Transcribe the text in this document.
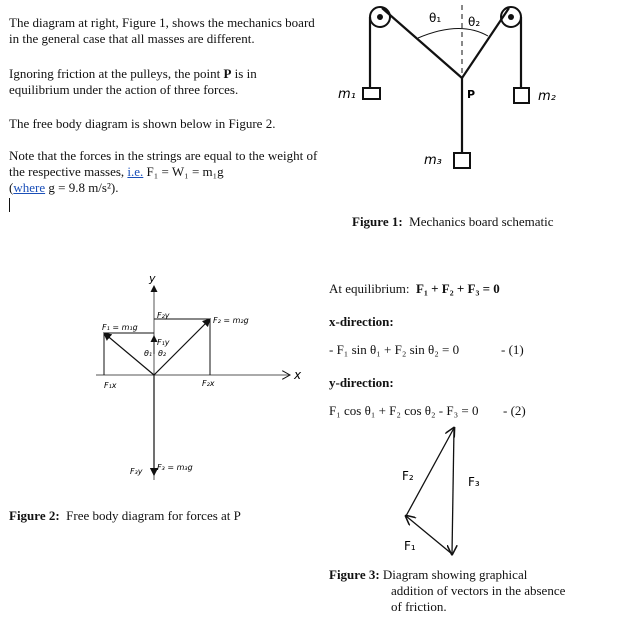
The diagram at right, Figure 1, shows the mechanics board in the general case that all masses are different.

Ignoring friction at the pulleys, the point P is in equilibrium under the action of three forces.

The free body diagram is shown below in Figure 2.

Note that the forces in the strings are equal to the weight of the respective masses, i.e. F₁ = W₁ = m₁g
(where g = 9.8 m/s²).

θ₁ θ₂
m₁	m₂
m₃
P
Figure 1: Mechanics board schematic
y
x
F₁ = m₁g
F₂ = m₂g
F₂y
F₁y
θ₁ θ₂
F₁x	F₂x
F₃y F₃ = m₃g
Figure 2: Free body diagram for forces at P
At equilibrium: F₁ + F₂ + F₃ = 0
x-direction:
- F₁ sin θ₁ + F₂ sin θ₂ = 0	- (1)
y-direction:
F₁ cos θ₁ + F₂ cos θ₂ - F₃ = 0 - (2)
F₂	F₃
F₁
Figure 3: Diagram showing graphical
addition of vectors in the absence
of friction.
